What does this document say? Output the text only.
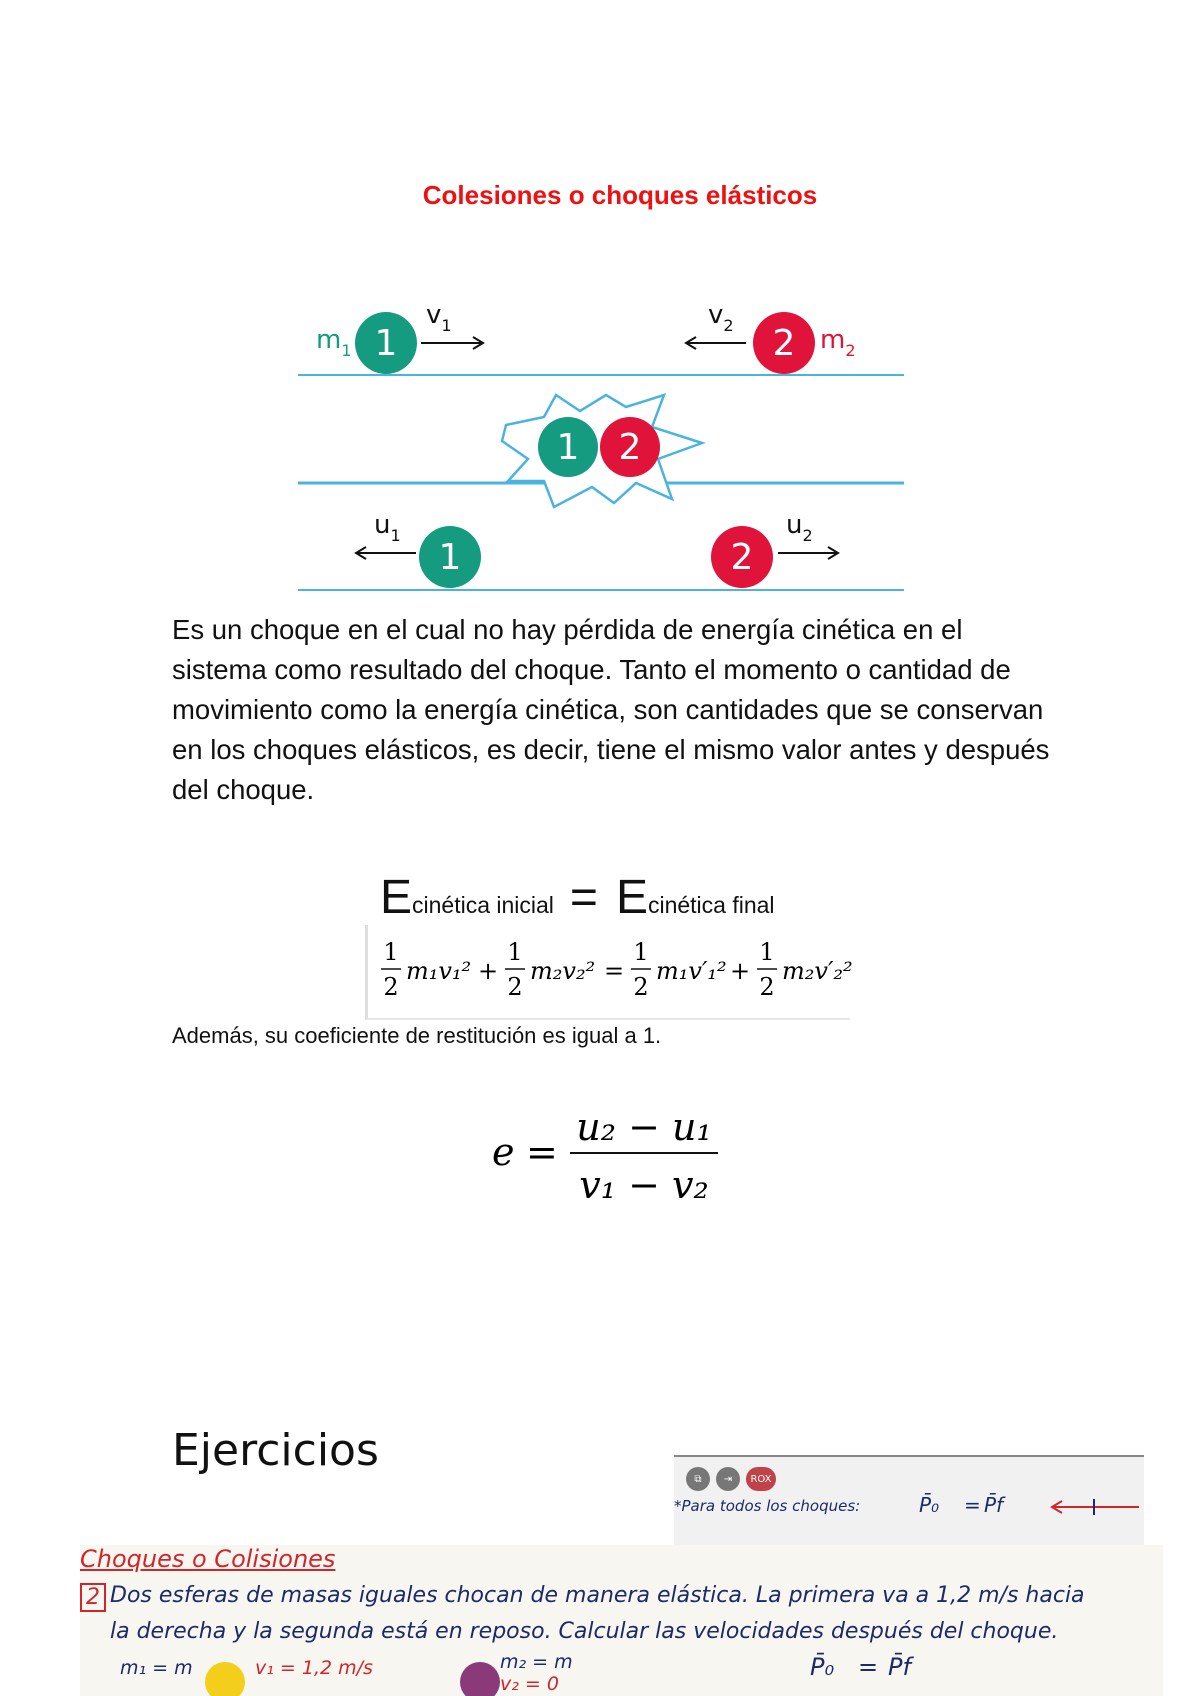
Colesiones o choques elásticos
$m_1$ 1
$v_1$	$v_2$ 2 $m_2$
1 2
$u_1$
1	2
$u_2$

Es un choque en el cual no hay pérdida de energía cinética en el sistema como resultado del choque. Tanto el momento o cantidad de movimiento como la energía cinética, son cantidades que se conservan en los choques elásticos, es decir, tiene el mismo valor antes y después del choque.

Ecinética inicial = Ecinética final
1
2
m₁v₁² +
1
2
m₂v₂² =
1
2
m₁v′₁² +
1
2
m₂v′₂²

Además, su coeficiente de restitución es igual a 1.

e =
u₂ − u₁
v₁ − v₂
Ejercicios
⧉	⇥	ROX
*Para todos los choques:	P̄₀ = P̄f
Choques o Colisiones
2 Dos esferas de masas iguales chocan de manera elástica. La primera va a 1,2 m/s hacia
la derecha y la segunda está en reposo. Calcular las velocidades después del choque.
m₁ = m	v₁ = 1,2 m/s	m₂ = m
v₂ = 0
P̄₀ = P̄f
